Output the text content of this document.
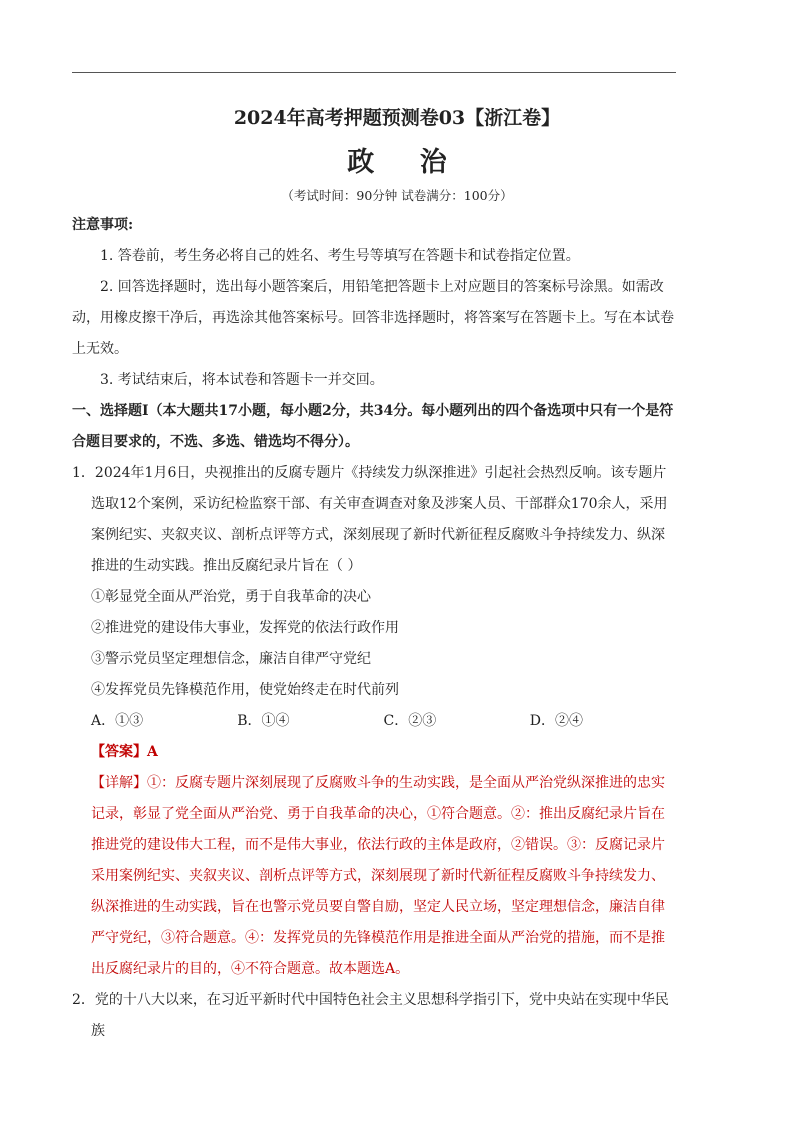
2024年高考押题预测卷03【浙江卷】
政 治
（考试时间：90分钟 试卷满分：100分）
注意事项:
1. 答卷前，考生务必将自己的姓名、考生号等填写在答题卡和试卷指定位置。
2. 回答选择题时，选出每小题答案后，用铅笔把答题卡上对应题目的答案标号涂黑。如需改动，用橡皮擦干净后，再选涂其他答案标号。回答非选择题时，将答案写在答题卡上。写在本试卷上无效。
3. 考试结束后，将本试卷和答题卡一并交回。
一、选择题Ⅰ（本大题共17小题，每小题2分，共34分。每小题列出的四个备选项中只有一个是符合题目要求的，不选、多选、错选均不得分）。
1．2024年1月6日，央视推出的反腐专题片《持续发力纵深推进》引起社会热烈反响。该专题片选取12个案例，采访纪检监察干部、有关审查调查对象及涉案人员、干部群众170余人，采用案例纪实、夹叙夹议、剖析点评等方式，深刻展现了新时代新征程反腐败斗争持续发力、纵深推进的生动实践。推出反腐纪录片旨在（ ）
①彰显党全面从严治党，勇于自我革命的决心
②推进党的建设伟大事业，发挥党的依法行政作用
③警示党员坚定理想信念，廉洁自律严守党纪
④发挥党员先锋模范作用，使党始终走在时代前列
A．①③	B．①④	C．②③	D．②④
【答案】A
【详解】①：反腐专题片深刻展现了反腐败斗争的生动实践，是全面从严治党纵深推进的忠实记录，彰显了党全面从严治党、勇于自我革命的决心，①符合题意。②：推出反腐纪录片旨在推进党的建设伟大工程，而不是伟大事业，依法行政的主体是政府，②错误。③：反腐记录片采用案例纪实、夹叙夹议、剖析点评等方式，深刻展现了新时代新征程反腐败斗争持续发力、纵深推进的生动实践，旨在也警示党员要自警自励，坚定人民立场，坚定理想信念，廉洁自律严守党纪，③符合题意。④：发挥党员的先锋模范作用是推进全面从严治党的措施，而不是推出反腐纪录片的目的，④不符合题意。故本题选A。
2．党的十八大以来，在习近平新时代中国特色社会主义思想科学指引下，党中央站在实现中华民族
